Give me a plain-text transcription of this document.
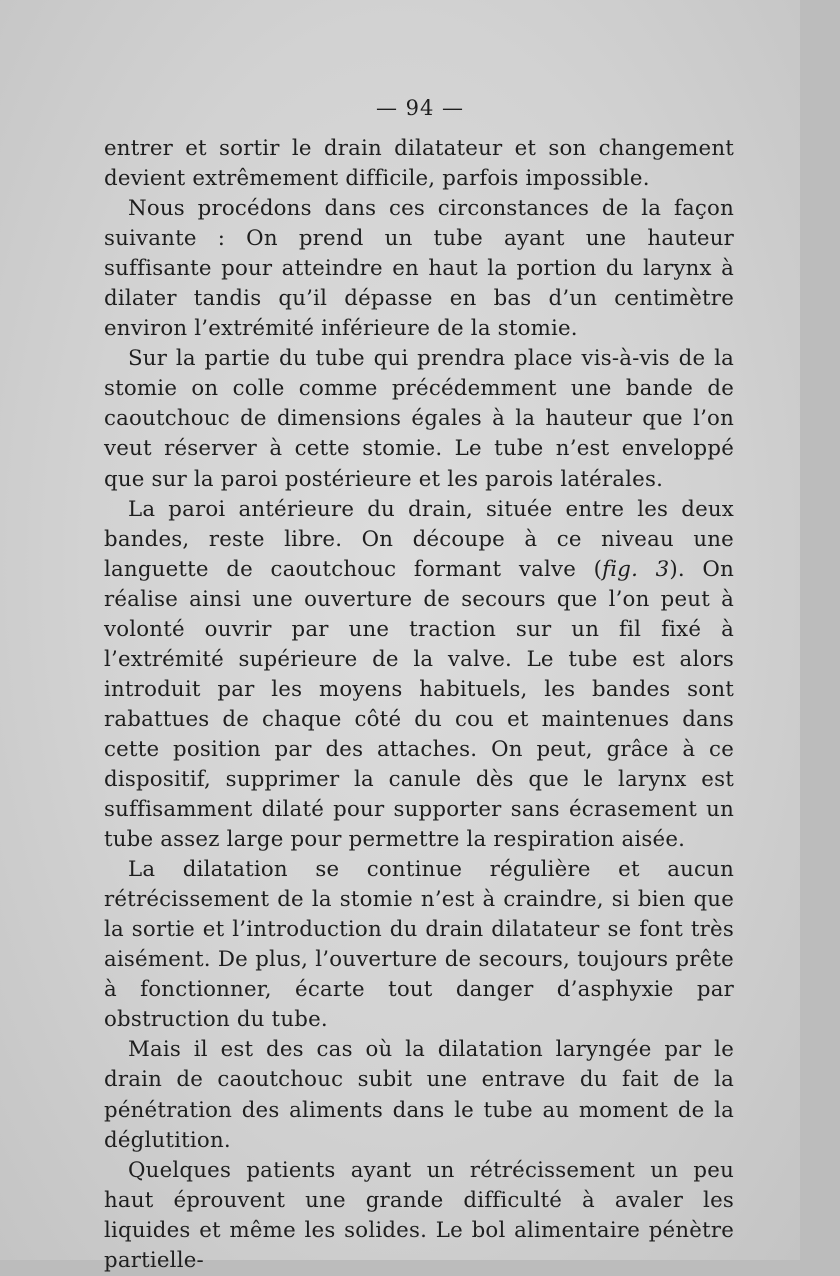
— 94 —

entrer et sortir le drain dilatateur et son changement devient extrêmement difficile, parfois impossible.

Nous procédons dans ces circonstances de la façon suivante : On prend un tube ayant une hauteur suffisante pour atteindre en haut la portion du larynx à dilater tandis qu’il dépasse en bas d’un centimètre environ l’extrémité inférieure de la stomie.

Sur la partie du tube qui prendra place vis-à-vis de la stomie on colle comme précédemment une bande de caoutchouc de dimensions égales à la hauteur que l’on veut réserver à cette stomie. Le tube n’est enveloppé que sur la paroi postérieure et les parois latérales.

La paroi antérieure du drain, située entre les deux bandes, reste libre. On découpe à ce niveau une languette de caoutchouc formant valve (fig. 3). On réalise ainsi une ouverture de secours que l’on peut à volonté ouvrir par une traction sur un fil fixé à l’extrémité supérieure de la valve. Le tube est alors introduit par les moyens habituels, les bandes sont rabattues de chaque côté du cou et maintenues dans cette position par des attaches. On peut, grâce à ce dispositif, supprimer la canule dès que le larynx est suffisamment dilaté pour supporter sans écrasement un tube assez large pour permettre la respiration aisée.

La dilatation se continue régulière et aucun rétrécissement de la stomie n’est à craindre, si bien que la sortie et l’introduction du drain dilatateur se font très aisément. De plus, l’ouverture de secours, toujours prête à fonctionner, écarte tout danger d’asphyxie par obstruction du tube.

Mais il est des cas où la dilatation laryngée par le drain de caoutchouc subit une entrave du fait de la pénétration des aliments dans le tube au moment de la déglutition.

Quelques patients ayant un rétrécissement un peu haut éprouvent une grande difficulté à avaler les liquides et même les solides. Le bol alimentaire pénètre partielle-
